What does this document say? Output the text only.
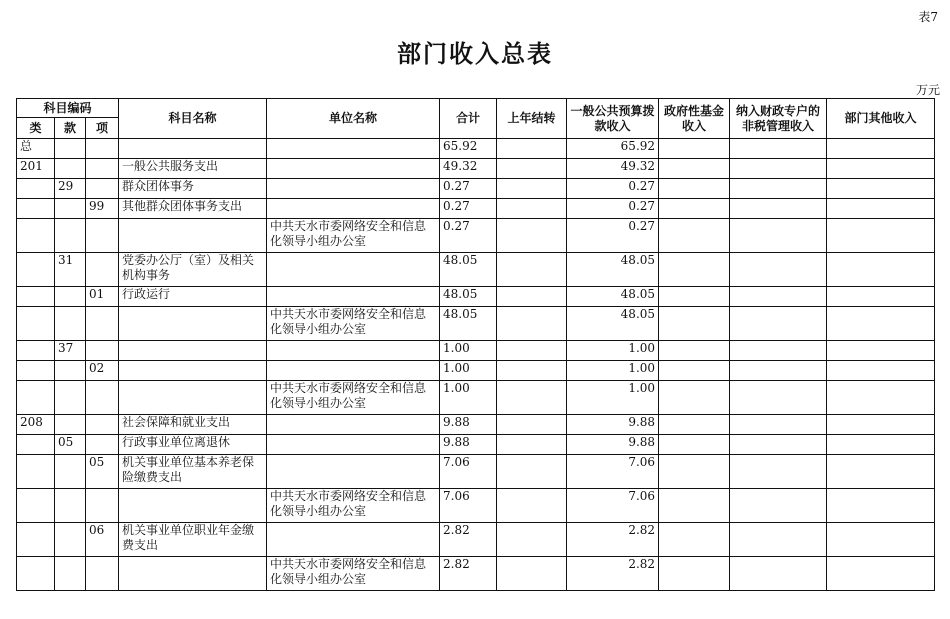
表7
部门收入总表
万元
科目编码			科目名称	单位名称	合计	上年结转	一般公共预算拨款收入	政府性基金收入	纳入财政专户的非税管理收入	部门其他收入
类	款	项								
总					65.92		65.92			
201			一般公共服务支出		49.32		49.32			
	29		群众团体事务		0.27		0.27			
		99	其他群众团体事务支出		0.27		0.27			
				中共天水市委网络安全和信息化领导小组办公室	0.27		0.27			
	31		党委办公厅（室）及相关机构事务		48.05		48.05			
		01	行政运行		48.05		48.05			
				中共天水市委网络安全和信息化领导小组办公室	48.05		48.05			
	37				1.00		1.00			
		02			1.00		1.00			
				中共天水市委网络安全和信息化领导小组办公室	1.00		1.00			
208			社会保障和就业支出		9.88		9.88			
	05		行政事业单位离退休		9.88		9.88			
		05	机关事业单位基本养老保险缴费支出		7.06		7.06			
				中共天水市委网络安全和信息化领导小组办公室	7.06		7.06			
		06	机关事业单位职业年金缴费支出		2.82		2.82			
				中共天水市委网络安全和信息化领导小组办公室	2.82		2.82			
